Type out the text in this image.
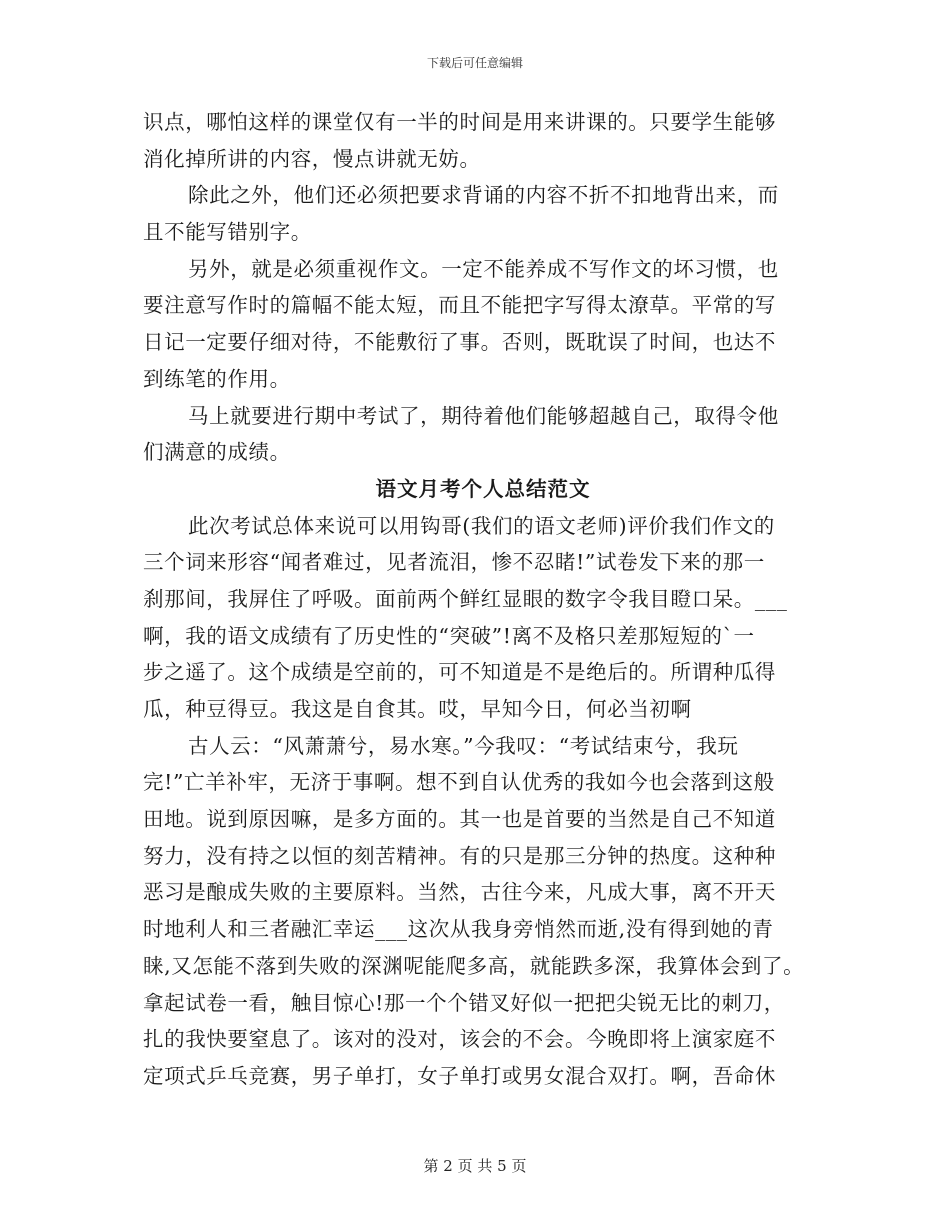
下载后可任意编辑
识点，哪怕这样的课堂仅有一半的时间是用来讲课的。只要学生能够
消化掉所讲的内容，慢点讲就无妨。
除此之外，他们还必须把要求背诵的内容不折不扣地背出来，而
且不能写错别字。
另外，就是必须重视作文。一定不能养成不写作文的坏习惯，也
要注意写作时的篇幅不能太短，而且不能把字写得太潦草。平常的写
日记一定要仔细对待，不能敷衍了事。否则，既耽误了时间，也达不
到练笔的作用。
马上就要进行期中考试了，期待着他们能够超越自己，取得令他
们满意的成绩。
语文月考个人总结范文
此次考试总体来说可以用钩哥(我们的语文老师)评价我们作文的
三个词来形容“闻者难过，见者流泪，惨不忍睹!”试卷发下来的那一
刹那间，我屏住了呼吸。面前两个鲜红显眼的数字令我目瞪口呆。___
啊，我的语文成绩有了历史性的“突破”!离不及格只差那短短的`一
步之遥了。这个成绩是空前的，可不知道是不是绝后的。所谓种瓜得
瓜，种豆得豆。我这是自食其。哎，早知今日，何必当初啊
古人云：“风萧萧兮，易水寒。”今我叹：“考试结束兮，我玩
完!”亡羊补牢，无济于事啊。想不到自认优秀的我如今也会落到这般
田地。说到原因嘛，是多方面的。其一也是首要的当然是自己不知道
努力，没有持之以恒的刻苦精神。有的只是那三分钟的热度。这种种
恶习是酿成失败的主要原料。当然，古往今来，凡成大事，离不开天
时地利人和三者融汇幸运___这次从我身旁悄然而逝,没有得到她的青
睐,又怎能不落到失败的深渊呢能爬多高，就能跌多深，我算体会到了。
拿起试卷一看，触目惊心!那一个个错叉好似一把把尖锐无比的刺刀，
扎的我快要窒息了。该对的没对，该会的不会。今晚即将上演家庭不
定项式乒乓竞赛，男子单打，女子单打或男女混合双打。啊，吾命休
第 2 页 共 5 页
